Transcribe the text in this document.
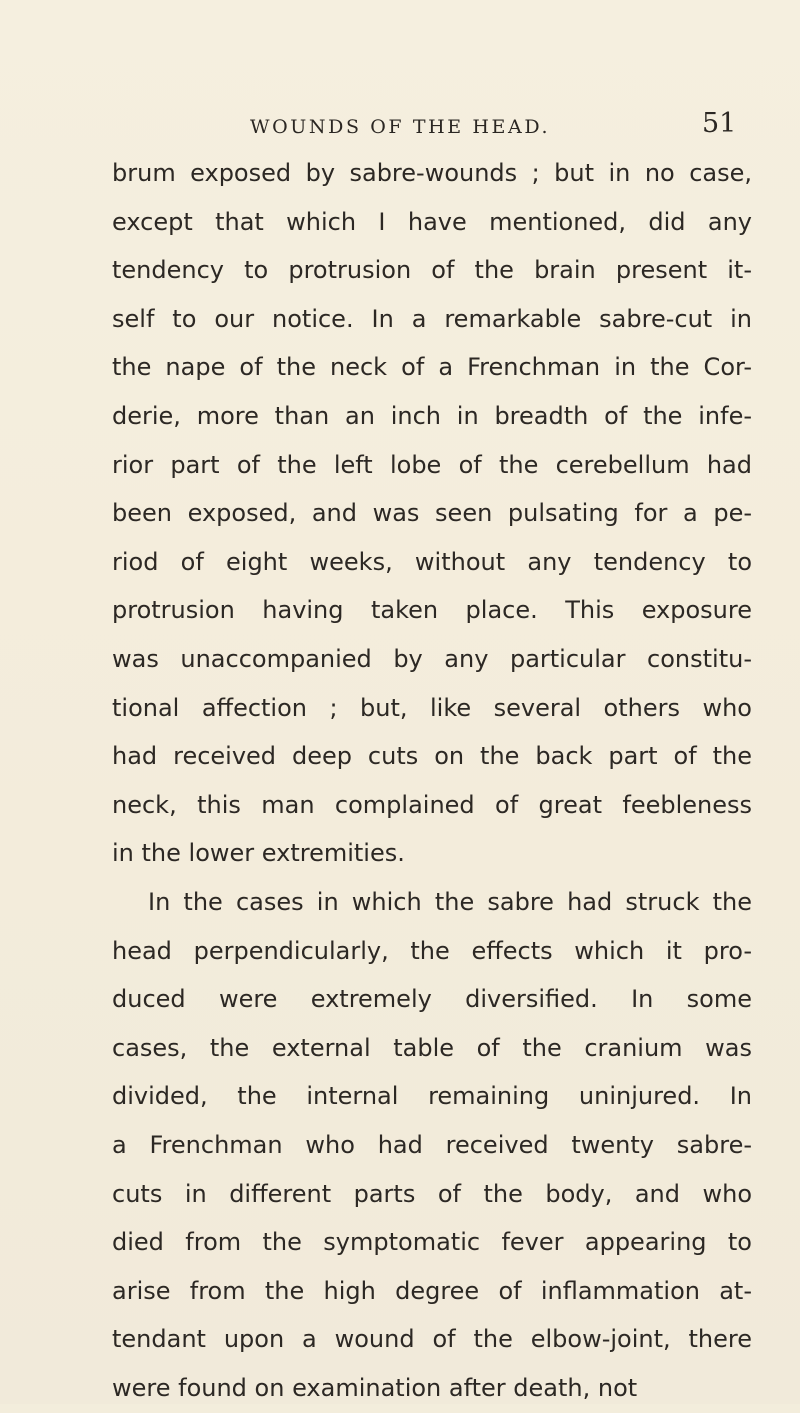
WOUNDS OF THE HEAD.	51
brum exposed by sabre-wounds ; but in no case,
except that which I have mentioned, did any
tendency to protrusion of the brain present it-
self to our notice. In a remarkable sabre-cut in
the nape of the neck of a Frenchman in the Cor-
derie, more than an inch in breadth of the infe-
rior part of the left lobe of the cerebellum had
been exposed, and was seen pulsating for a pe-
riod of eight weeks, without any tendency to
protrusion having taken place. This exposure
was unaccompanied by any particular constitu-
tional affection ; but, like several others who
had received deep cuts on the back part of the
neck, this man complained of great feebleness
in the lower extremities.
In the cases in which the sabre had struck the
head perpendicularly, the effects which it pro-
duced were extremely diversified. In some
cases, the external table of the cranium was
divided, the internal remaining uninjured. In
a Frenchman who had received twenty sabre-
cuts in different parts of the body, and who
died from the symptomatic fever appearing to
arise from the high degree of inflammation at-
tendant upon a wound of the elbow-joint, there
were found on examination after death, not
